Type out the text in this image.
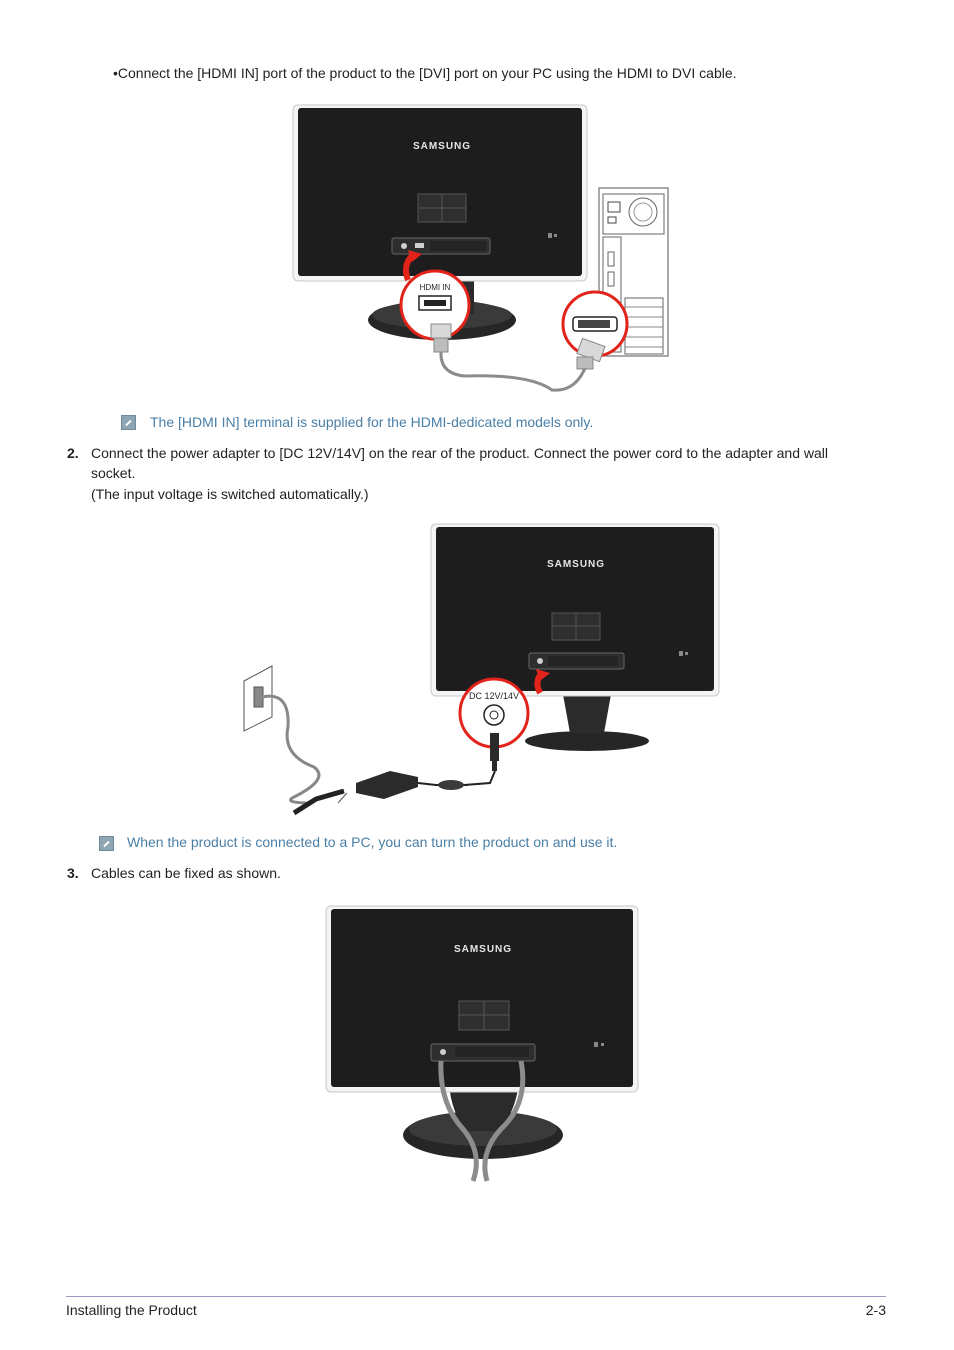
•Connect the [HDMI IN] port of the product to the [DVI] port on your PC using the HDMI to DVI cable.
SAMSUNG
HDMI IN
The [HDMI IN] terminal is supplied for the HDMI-dedicated models only.
2. Connect the power adapter to [DC 12V/14V] on the rear of the product. Connect the power cord to the adapter and wall
socket.
(The input voltage is switched automatically.)
SAMSUNG
DC 12V/14V
When the product is connected to a PC, you can turn the product on and use it.
3. Cables can be fixed as shown.
SAMSUNG
Installing the Product	2-3
